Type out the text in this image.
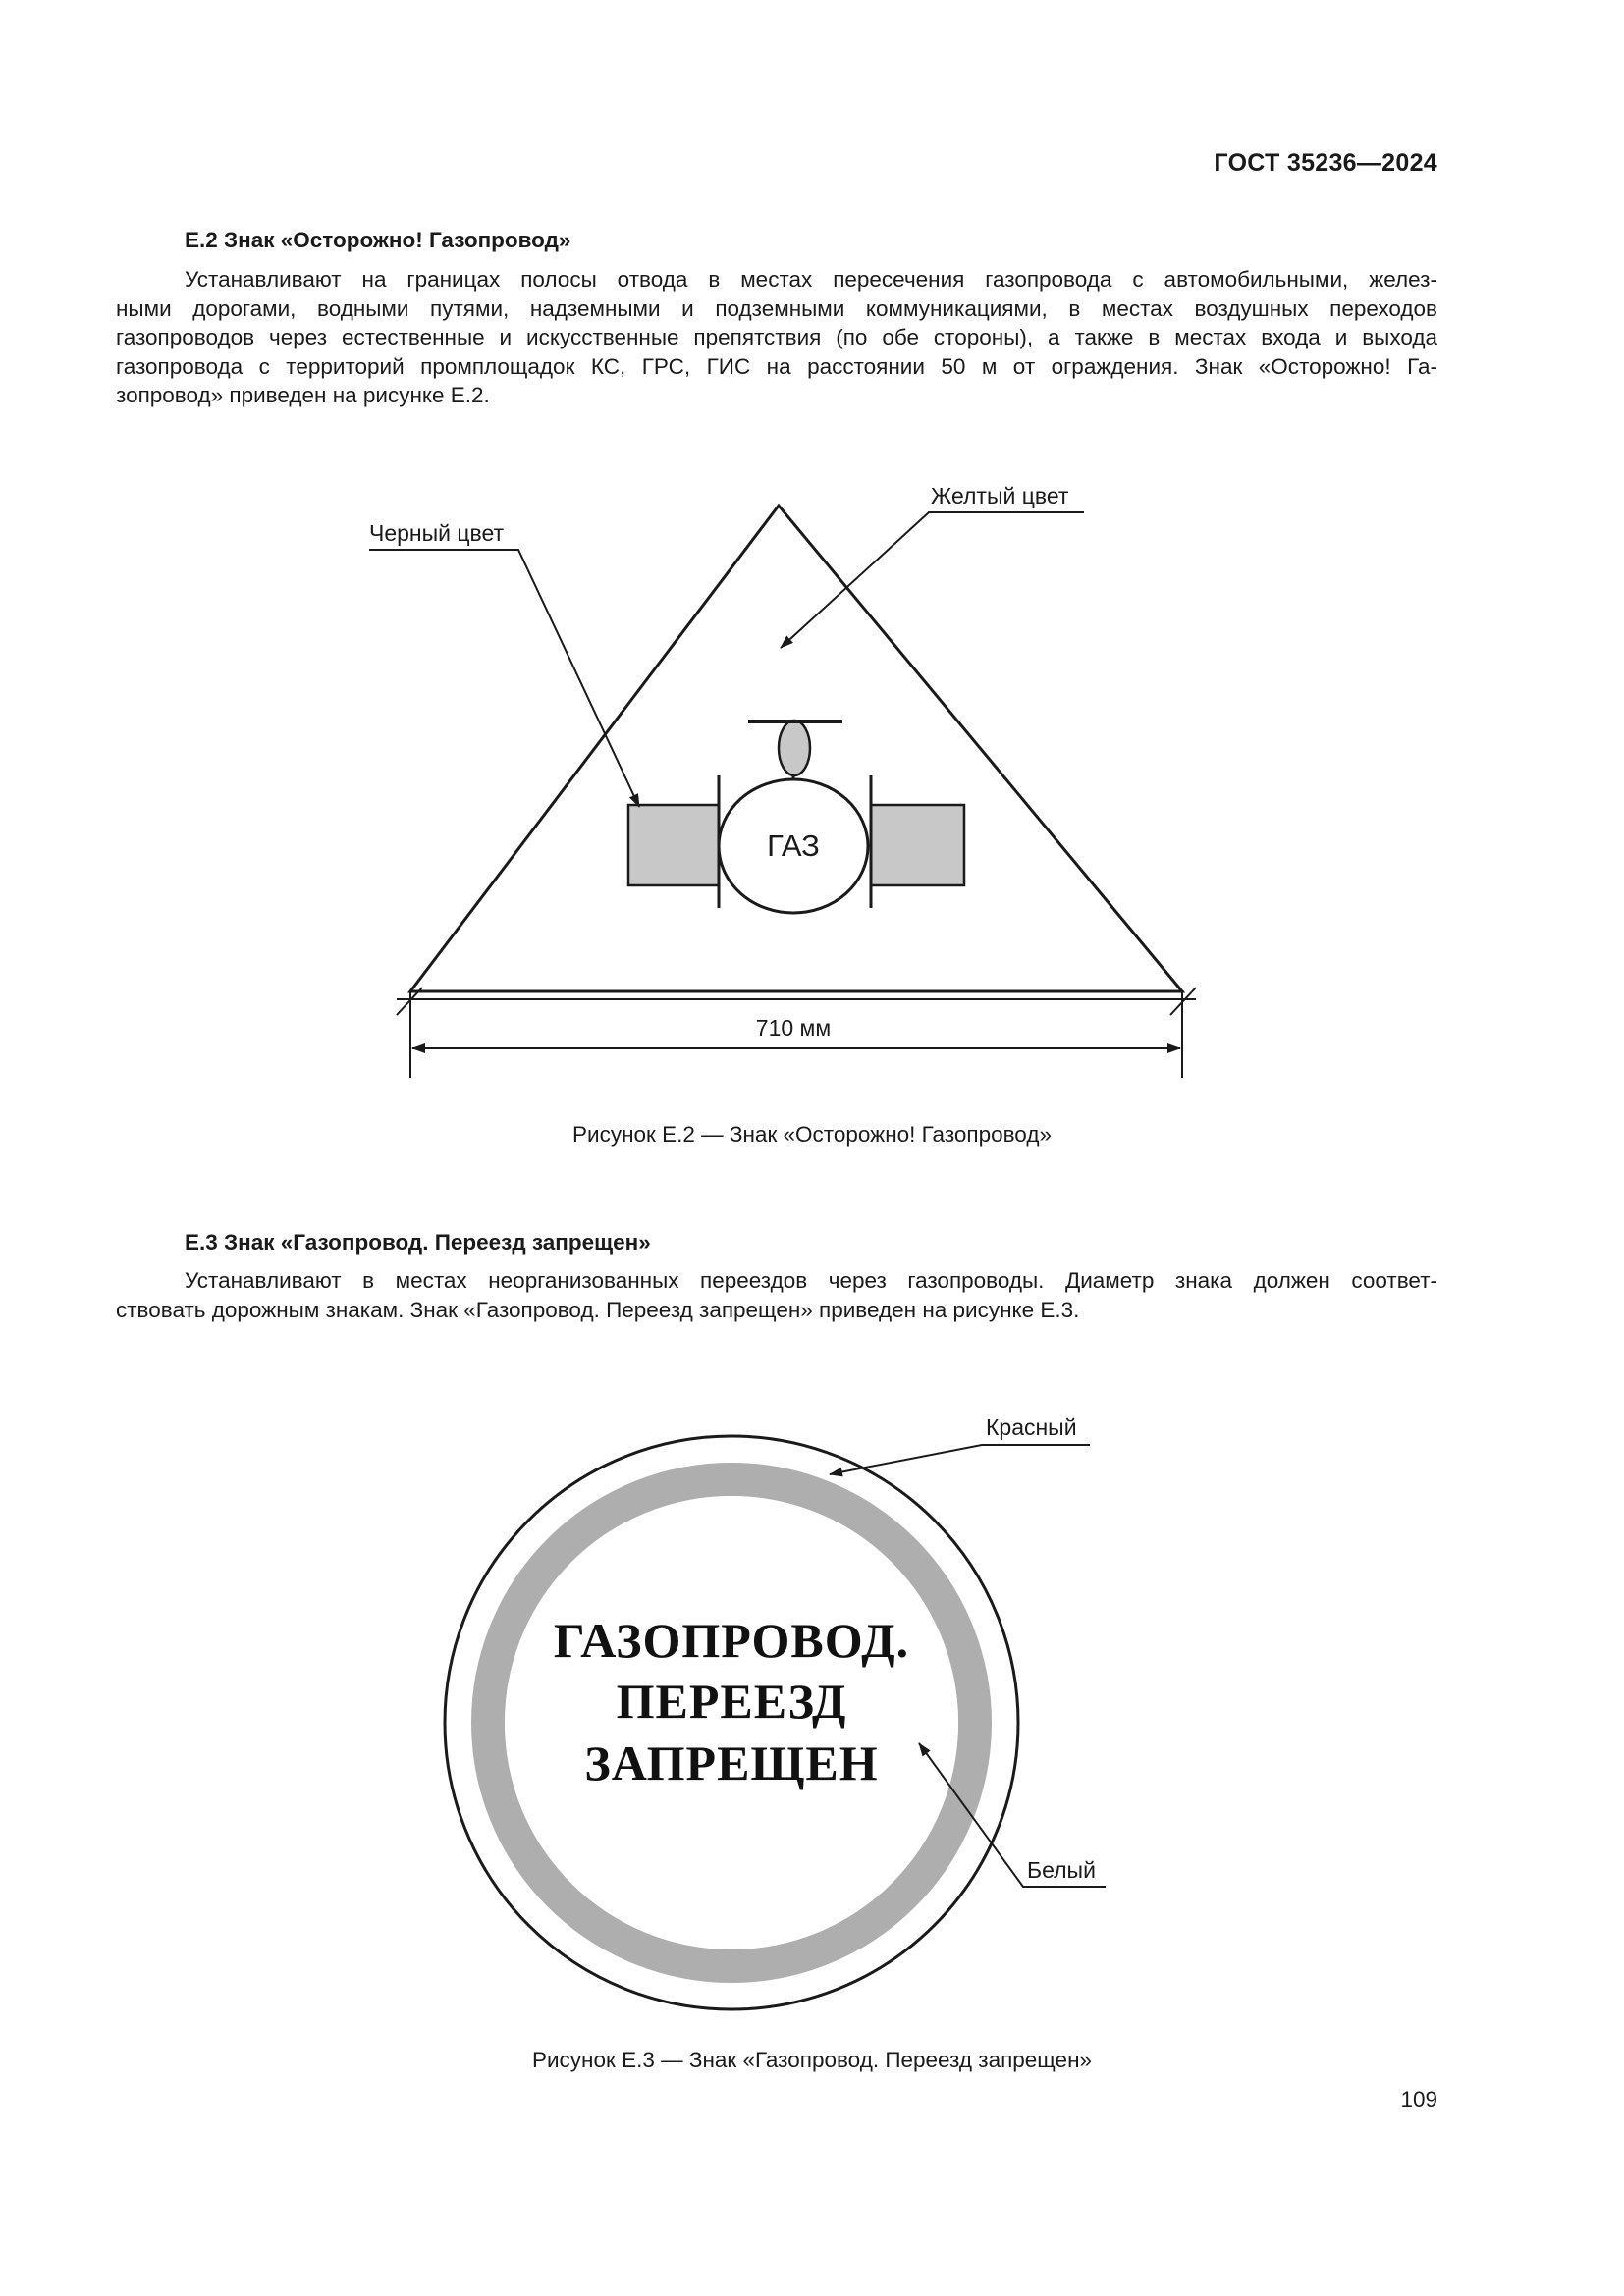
ГОСТ 35236—2024
Е.2 Знак «Осторожно! Газопровод»
Устанавливают на границах полосы отвода в местах пересечения газопровода с автомобильными, желез-
ными дорогами, водными путями, надземными и подземными коммуникациями, в местах воздушных переходов
газопроводов через естественные и искусственные препятствия (по обе стороны), а также в местах входа и выхода
газопровода с территорий промплощадок КС, ГРС, ГИС на расстоянии 50 м от ограждения. Знак «Осторожно! Га-
зопровод» приведен на рисунке Е.2.
ГАЗ
Черный цвет
Желтый цвет
710 мм
Рисунок Е.2 — Знак «Осторожно! Газопровод»
Е.3 Знак «Газопровод. Переезд запрещен»
Устанавливают в местах неорганизованных переездов через газопроводы. Диаметр знака должен соответ-
ствовать дорожным знакам. Знак «Газопровод. Переезд запрещен» приведен на рисунке Е.3.
ГАЗОПРОВОД.
ПЕРЕЕЗД
ЗАПРЕЩЕН
Красный
Белый
Рисунок Е.3 — Знак «Газопровод. Переезд запрещен»
109
